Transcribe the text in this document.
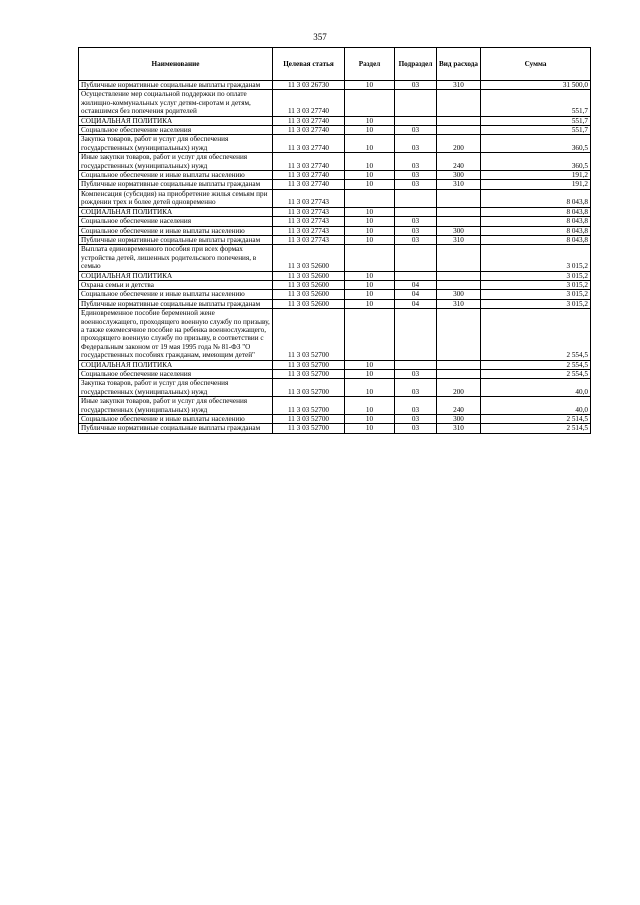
357
Наименование	Целевая статья	Раздел	Подраздел	Вид расхода	Сумма
Публичные нормативные социальные выплаты гражданам	11 3 03 26730	10	03	310	31 500,0
Осуществление мер социальной поддержки по оплате жилищно-коммунальных услуг детям-сиротам и детям, оставшимся без попечения родителей	11 3 03 27740				551,7
СОЦИАЛЬНАЯ ПОЛИТИКА	11 3 03 27740	10			551,7
Социальное обеспечение населения	11 3 03 27740	10	03		551,7
Закупка товаров, работ и услуг для обеспечения государственных (муниципальных) нужд	11 3 03 27740	10	03	200	360,5
Иные закупки товаров, работ и услуг для обеспечения государственных (муниципальных) нужд	11 3 03 27740	10	03	240	360,5
Социальное обеспечение и иные выплаты населению	11 3 03 27740	10	03	300	191,2
Публичные нормативные социальные выплаты гражданам	11 3 03 27740	10	03	310	191,2
Компенсация (субсидия) на приобретение жилья семьям при рождении трех и более детей одновременно	11 3 03 27743				8 043,8
СОЦИАЛЬНАЯ ПОЛИТИКА	11 3 03 27743	10			8 043,8
Социальное обеспечение населения	11 3 03 27743	10	03		8 043,8
Социальное обеспечение и иные выплаты населению	11 3 03 27743	10	03	300	8 043,8
Публичные нормативные социальные выплаты гражданам	11 3 03 27743	10	03	310	8 043,8
Выплата единовременного пособия при всех формах устройства детей, лишенных родительского попечения, в семью	11 3 03 52600				3 015,2
СОЦИАЛЬНАЯ ПОЛИТИКА	11 3 03 52600	10			3 015,2
Охрана семьи и детства	11 3 03 52600	10	04		3 015,2
Социальное обеспечение и иные выплаты населению	11 3 03 52600	10	04	300	3 015,2
Публичные нормативные социальные выплаты гражданам	11 3 03 52600	10	04	310	3 015,2
Единовременное пособие беременной жене военнослужащего, проходящего военную службу по призыву, а также ежемесячное пособие на ребенка военнослужащего, проходящего военную службу по призыву, в соответствии с Федеральным законом от 19 мая 1995 года № 81-ФЗ "О государственных пособиях гражданам, имеющим детей"	11 3 03 52700				2 554,5
СОЦИАЛЬНАЯ ПОЛИТИКА	11 3 03 52700	10			2 554,5
Социальное обеспечение населения	11 3 03 52700	10	03		2 554,5
Закупка товаров, работ и услуг для обеспечения государственных (муниципальных) нужд	11 3 03 52700	10	03	200	40,0
Иные закупки товаров, работ и услуг для обеспечения государственных (муниципальных) нужд	11 3 03 52700	10	03	240	40,0
Социальное обеспечение и иные выплаты населению	11 3 03 52700	10	03	300	2 514,5
Публичные нормативные социальные выплаты гражданам	11 3 03 52700	10	03	310	2 514,5
